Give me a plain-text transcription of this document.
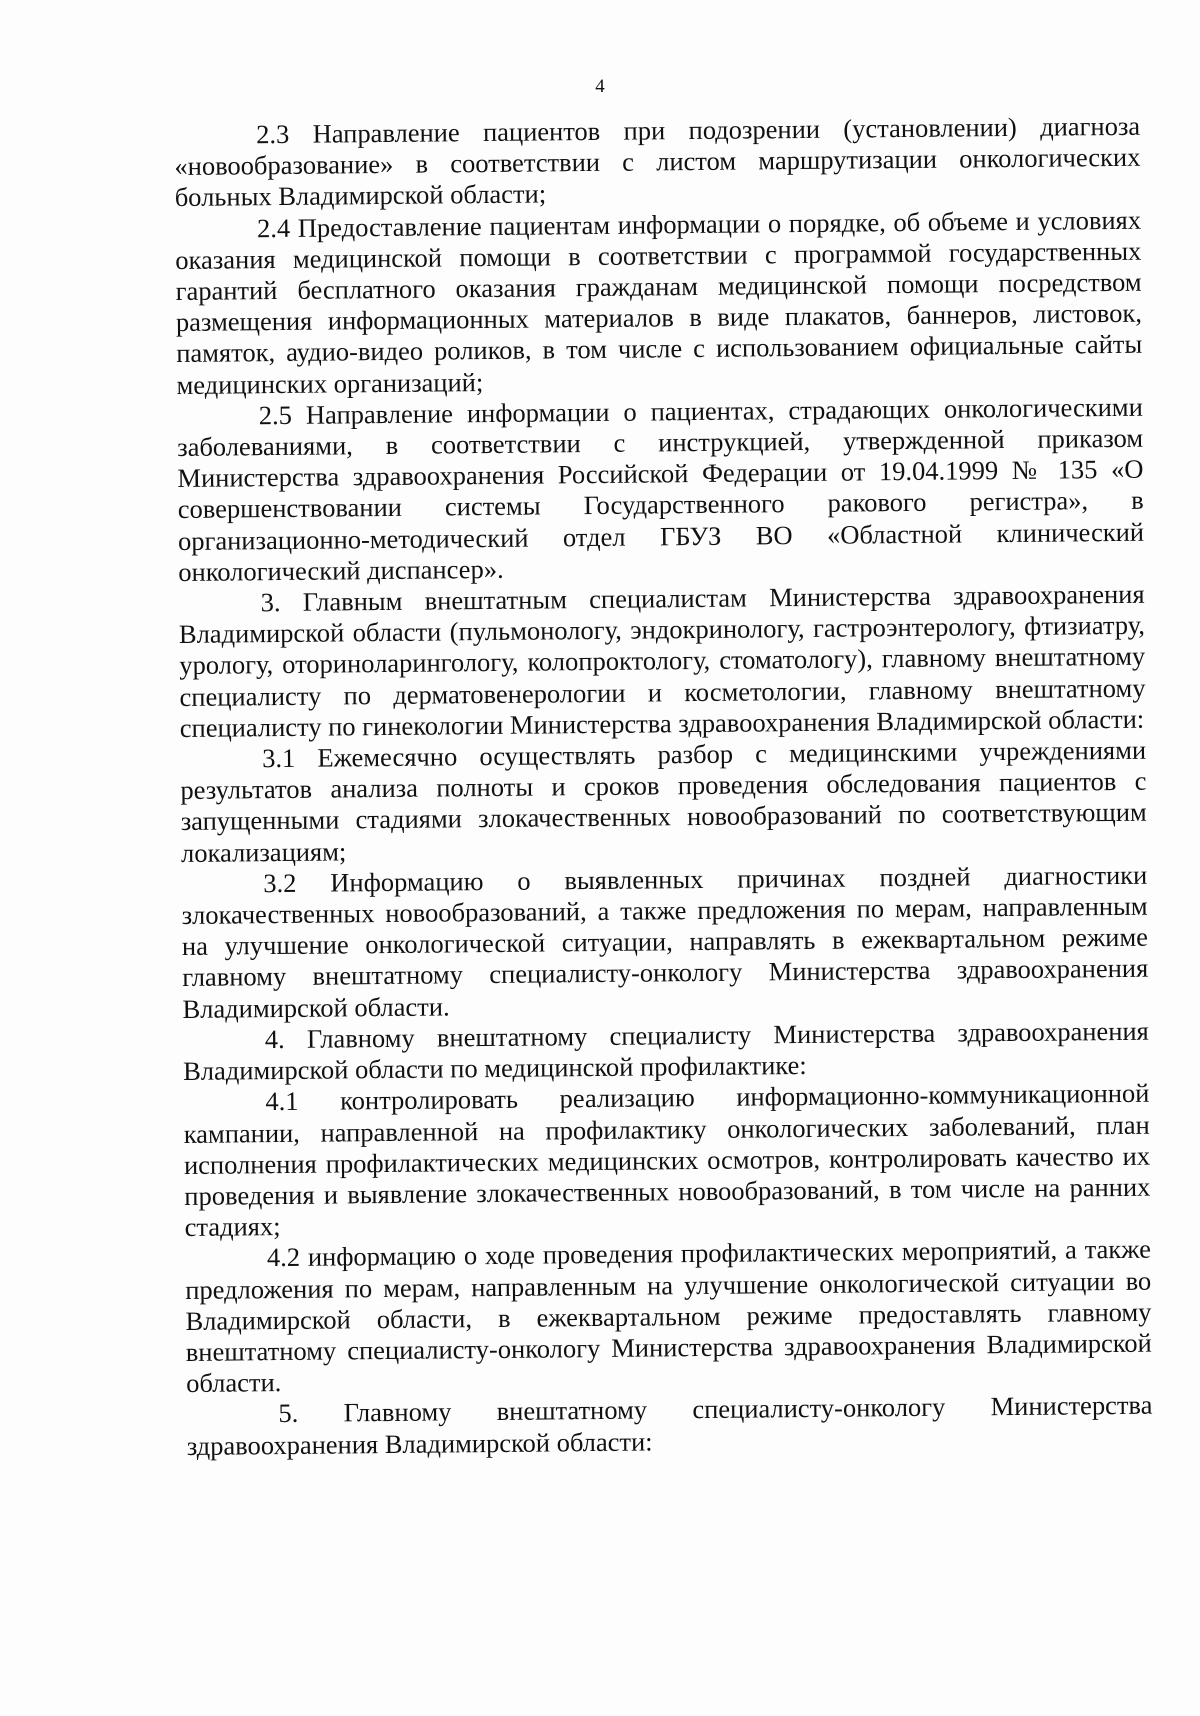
4

2.3 Направление пациентов при подозрении (установлении) диагноза «новообразование» в соответствии с листом маршрутизации онкологических больных Владимирской области;

2.4 Предоставление пациентам информации о порядке, об объеме и условиях оказания медицинской помощи в соответствии с программой государственных гарантий бесплатного оказания гражданам медицинской помощи посредством размещения информационных материалов в виде плакатов, баннеров, листовок, памяток, аудио-видео роликов, в том числе с использованием официальные сайты медицинских организаций;

2.5 Направление информации о пациентах, страдающих онкологическими заболеваниями, в соответствии с инструкцией, утвержденной приказом Министерства здравоохранения Российской Федерации от 19.04.1999 № 135 «О совершенствовании системы Государственного ракового регистра», в организационно-методический отдел ГБУЗ ВО «Областной клинический онкологический диспансер».

3. Главным внештатным специалистам Министерства здравоохранения Владимирской области (пульмонологу, эндокринологу, гастроэнтерологу, фтизиатру, урологу, оториноларингологу, колопроктологу, стоматологу), главному внештатному специалисту по дерматовенерологии и косметологии, главному внештатному специалисту по гинекологии Министерства здравоохранения Владимирской области:

3.1 Ежемесячно осуществлять разбор с медицинскими учреждениями результатов анализа полноты и сроков проведения обследования пациентов с запущенными стадиями злокачественных новообразований по соответствующим локализациям;

3.2 Информацию о выявленных причинах поздней диагностики злокачественных новообразований, а также предложения по мерам, направленным на улучшение онкологической ситуации, направлять в ежеквартальном режиме главному внештатному специалисту-онкологу Министерства здравоохранения Владимирской области.

4. Главному внештатному специалисту Министерства здравоохранения Владимирской области по медицинской профилактике:

4.1 контролировать реализацию информационно-коммуникационной кампании, направленной на профилактику онкологических заболеваний, план исполнения профилактических медицинских осмотров, контролировать качество их проведения и выявление злокачественных новообразований, в том числе на ранних стадиях;

4.2 информацию о ходе проведения профилактических мероприятий, а также предложения по мерам, направленным на улучшение онкологической ситуации во Владимирской области, в ежеквартальном режиме предоставлять главному внештатному специалисту-онкологу Министерства здравоохранения Владимирской области.

5. Главному внештатному специалисту-онкологу Министерства здравоохранения Владимирской области:
